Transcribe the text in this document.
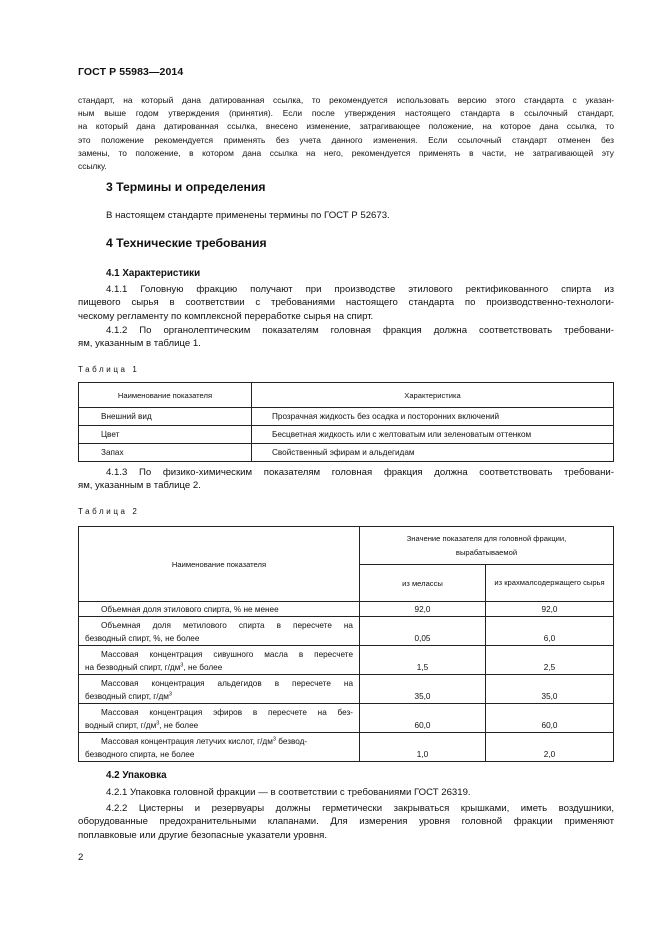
ГОСТ Р 55983—2014
стандарт, на который дана датированная ссылка, то рекомендуется использовать версию этого стандарта с указан-
ным выше годом утверждения (принятия). Если после утверждения настоящего стандарта в ссылочный стандарт,
на который дана датированная ссылка, внесено изменение, затрагивающее положение, на которое дана ссылка, то
это положение рекомендуется применять без учета данного изменения. Если ссылочный стандарт отменен без
замены, то положение, в котором дана ссылка на него, рекомендуется применять в части, не затрагивающей эту
ссылку.
3 Термины и определения
В настоящем стандарте применены термины по ГОСТ Р 52673.
4 Технические требования
4.1 Характеристики
4.1.1 Головную фракцию получают при производстве этилового ректификованного спирта из
пищевого сырья в соответствии с требованиями настоящего стандарта по производственно-технологи-
ческому регламенту по комплексной переработке сырья на спирт.
4.1.2 По органолептическим показателям головная фракция должна соответствовать требовани-
ям, указанным в таблице 1.
Таблица 1
Наименование показателя	Характеристика
Внешний вид	Прозрачная жидкость без осадка и посторонних включений
Цвет	Бесцветная жидкость или с желтоватым или зеленоватым оттенком
Запах	Свойственный эфирам и альдегидам
4.1.3 По физико-химическим показателям головная фракция должна соответствовать требовани-
ям, указанным в таблице 2.
Таблица 2
Наименование показателя	Значение показателя для головной фракции, вырабатываемой	
	из мелассы	из крахмалсодержащего сырья
Объемная доля этилового спирта, % не менее	92,0	92,0

Объемная доля метилового спирта в пересчете на
безводный спирт, %, не более	0,05	6,0

Массовая концентрация сивушного масла в пересчете
на безводный спирт, $г/дм^3$, не более	1,5	2,5

Массовая концентрация альдегидов в пересчете на
безводный спирт, $г/дм^3$	35,0	35,0

Массовая концентрация эфиров в пересчете на без-
водный спирт, $г/дм^3$, не более	60,0	60,0

Массовая концентрация летучих кислот, $г/дм^3$ безвод-
безводного спирта, не более	1,0	2,0
4.2 Упаковка
4.2.1 Упаковка головной фракции — в соответствии с требованиями ГОСТ 26319.
4.2.2 Цистерны и резервуары должны герметически закрываться крышками, иметь воздушники,
оборудованные предохранительными клапанами. Для измерения уровня головной фракции применяют
поплавковые или другие безопасные указатели уровня.
2
